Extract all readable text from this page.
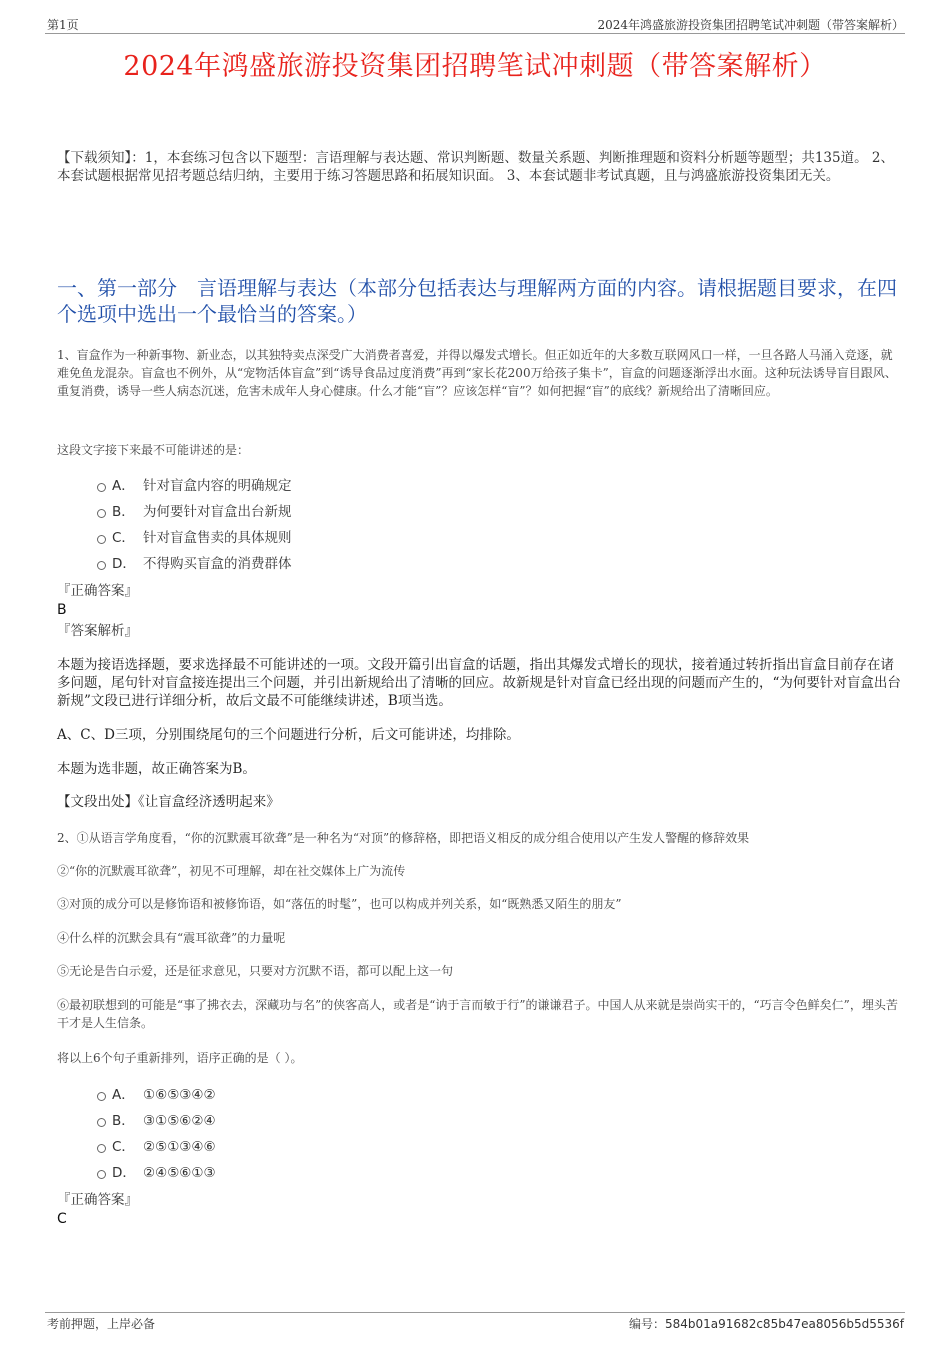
第1页	2024年鸿盛旅游投资集团招聘笔试冲刺题（带答案解析）
2024年鸿盛旅游投资集团招聘笔试冲刺题（带答案解析）

【下载须知】：1，本套练习包含以下题型：言语理解与表达题、常识判断题、数量关系题、判断推理题和资料分析题等题型；共135道。 2、本套试题根据常见招考题总结归纳，主要用于练习答题思路和拓展知识面。 3、本套试题非考试真题，且与鸿盛旅游投资集团无关。

一、第一部分　言语理解与表达（本部分包括表达与理解两方面的内容。请根据题目要求，在四个选项中选出一个最恰当的答案。）

1、盲盒作为一种新事物、新业态，以其独特卖点深受广大消费者喜爱，并得以爆发式增长。但正如近年的大多数互联网风口一样，一旦各路人马涌入竞逐，就难免鱼龙混杂。盲盒也不例外，从“宠物活体盲盒”到“诱导食品过度消费”再到“家长花200万给孩子集卡”，盲盒的问题逐渐浮出水面。这种玩法诱导盲目跟风、重复消费，诱导一些人病态沉迷，危害未成年人身心健康。什么才能“盲”？应该怎样“盲”？如何把握“盲”的底线？新规给出了清晰回应。

这段文字接下来最不可能讲述的是：

A． 针对盲盒内容的明确规定
B． 为何要针对盲盒出台新规
C． 针对盲盒售卖的具体规则
D． 不得购买盲盒的消费群体
『正确答案』
B
『答案解析』

本题为接语选择题，要求选择最不可能讲述的一项。文段开篇引出盲盒的话题，指出其爆发式增长的现状，接着通过转折指出盲盒目前存在诸多问题，尾句针对盲盒接连提出三个问题，并引出新规给出了清晰的回应。故新规是针对盲盒已经出现的问题而产生的，“为何要针对盲盒出台新规”文段已进行详细分析，故后文最不可能继续讲述，B项当选。

A、C、D三项，分别围绕尾句的三个问题进行分析，后文可能讲述，均排除。

本题为选非题，故正确答案为B。

【文段出处】《让盲盒经济透明起来》

2、①从语言学角度看，“你的沉默震耳欲聋”是一种名为“对顶”的修辞格，即把语义相反的成分组合使用以产生发人警醒的修辞效果

②“你的沉默震耳欲聋”，初见不可理解，却在社交媒体上广为流传

③对顶的成分可以是修饰语和被修饰语，如“落伍的时髦”，也可以构成并列关系，如“既熟悉又陌生的朋友”

④什么样的沉默会具有“震耳欲聋”的力量呢

⑤无论是告白示爱，还是征求意见，只要对方沉默不语，都可以配上这一句

⑥最初联想到的可能是“事了拂衣去，深藏功与名”的侠客高人，或者是“讷于言而敏于行”的谦谦君子。中国人从来就是崇尚实干的，“巧言令色鲜矣仁”，埋头苦干才是人生信条。

将以上6个句子重新排列，语序正确的是（ ）。

A． ①⑥⑤③④②
B． ③①⑤⑥②④
C． ②⑤①③④⑥
D． ②④⑤⑥①③
『正确答案』
C
考前押题，上岸必备	编号：584b01a91682c85b47ea8056b5d5536f
